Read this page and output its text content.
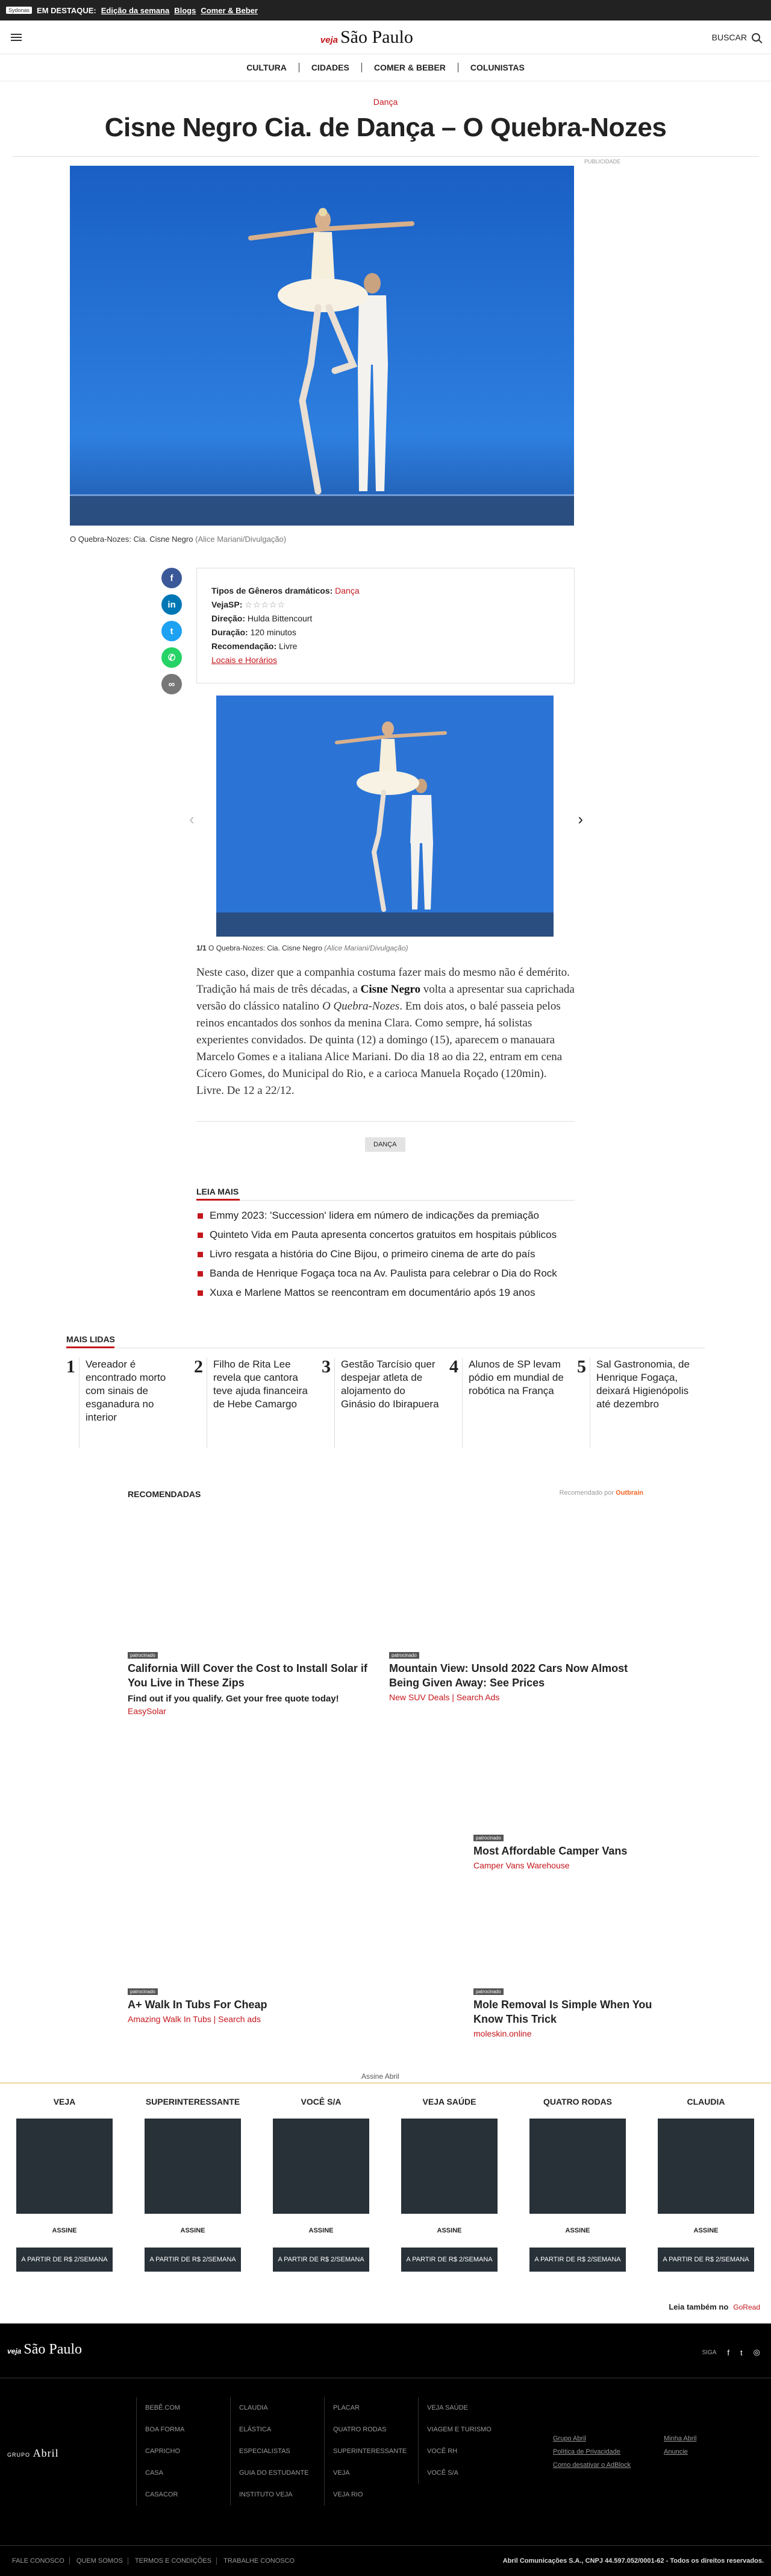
Sydonas EM DESTAQUE: Edição da semana Blogs Comer & Beber
veja São Paulo	BUSCAR
CULTURA	CIDADES	COMER & BEBER	COLUNISTAS
Dança
Cisne Negro Cia. de Dança – O Quebra-Nozes
PUBLICIDADE
O Quebra-Nozes: Cia. Cisne Negro (Alice Mariani/Divulgação)
f
in
t
✆
∞
Tipos de Gêneros dramáticos: Dança
VejaSP: ☆☆☆☆☆
Direção: Hulda Bittencourt
Duração: 120 minutos
Recomendação: Livre
Locais e Horários
‹	›
1/1 O Quebra-Nozes: Cia. Cisne Negro (Alice Mariani/Divulgação)
Neste caso, dizer que a companhia costuma fazer mais do mesmo não é demérito. Tradição há mais de três décadas, a Cisne Negro volta a apresentar sua caprichada versão do clássico natalino O Quebra-Nozes. Em dois atos, o balé passeia pelos reinos encantados dos sonhos da menina Clara. Como sempre, há solistas experientes convidados. De quinta (12) a domingo (15), aparecem o manauara Marcelo Gomes e a italiana Alice Mariani. Do dia 18 ao dia 22, entram em cena Cícero Gomes, do Municipal do Rio, e a carioca Manuela Roçado (120min). Livre. De 12 a 22/12.
DANÇA
LEIA MAIS
Emmy 2023: 'Succession' lidera em número de indicações da premiação
Quinteto Vida em Pauta apresenta concertos gratuitos em hospitais públicos
Livro resgata a história do Cine Bijou, o primeiro cinema de arte do país
Banda de Henrique Fogaça toca na Av. Paulista para celebrar o Dia do Rock
Xuxa e Marlene Mattos se reencontram em documentário após 19 anos
MAIS LIDAS
1	Vereador é encontrado morto com sinais de esganadura no interior
2	Filho de Rita Lee revela que cantora teve ajuda financeira de Hebe Camargo
3	Gestão Tarcísio quer despejar atleta de alojamento do Ginásio do Ibirapuera
4	Alunos de SP levam pódio em mundial de robótica na França
5	Sal Gastronomia, de Henrique Fogaça, deixará Higienópolis até dezembro
RECOMENDADAS	Recomendado por Outbrain
patrocinado
California Will Cover the Cost to Install Solar if You Live in These Zips
Find out if you qualify. Get your free quote today!
EasySolar
patrocinado
Mountain View: Unsold 2022 Cars Now Almost Being Given Away: See Prices
New SUV Deals | Search Ads
patrocinado
Most Affordable Camper Vans
Camper Vans Warehouse
patrocinado
A+ Walk In Tubs For Cheap
Amazing Walk In Tubs | Search ads
patrocinado
Mole Removal Is Simple When You Know This Trick
moleskin.online
Assine Abril
VEJA
ASSINE
A PARTIR DE R$ 2/SEMANA
SUPERINTERESSANTE
ASSINE
A PARTIR DE R$ 2/SEMANA
VOCÊ S/A
ASSINE
A PARTIR DE R$ 2/SEMANA
VEJA SAÚDE
ASSINE
A PARTIR DE R$ 2/SEMANA
QUATRO RODAS
ASSINE
A PARTIR DE R$ 2/SEMANA
CLAUDIA
ASSINE
A PARTIR DE R$ 2/SEMANA
Leia também no GoRead
veja São Paulo	SIGA f t ◎
GRUPO Abril
BEBÊ.COM
BOA FORMA
CAPRICHO
CASA
CASACOR
CLAUDIA
ELÁSTICA
ESPECIALISTAS
GUIA DO ESTUDANTE
INSTITUTO VEJA
PLACAR
QUATRO RODAS
SUPERINTERESSANTE
VEJA
VEJA RIO
VEJA SAÚDE
VIAGEM E TURISMO
VOCÊ RH
VOCÊ S/A
Grupo Abril
Política de Privacidade
Como desativar o AdBlock
Minha Abril
Anuncie
FALE CONOSCO QUEM SOMOS TERMOS E CONDIÇÕES TRABALHE CONOSCO	Abril Comunicações S.A., CNPJ 44.597.052/0001-62 - Todos os direitos reservados.
